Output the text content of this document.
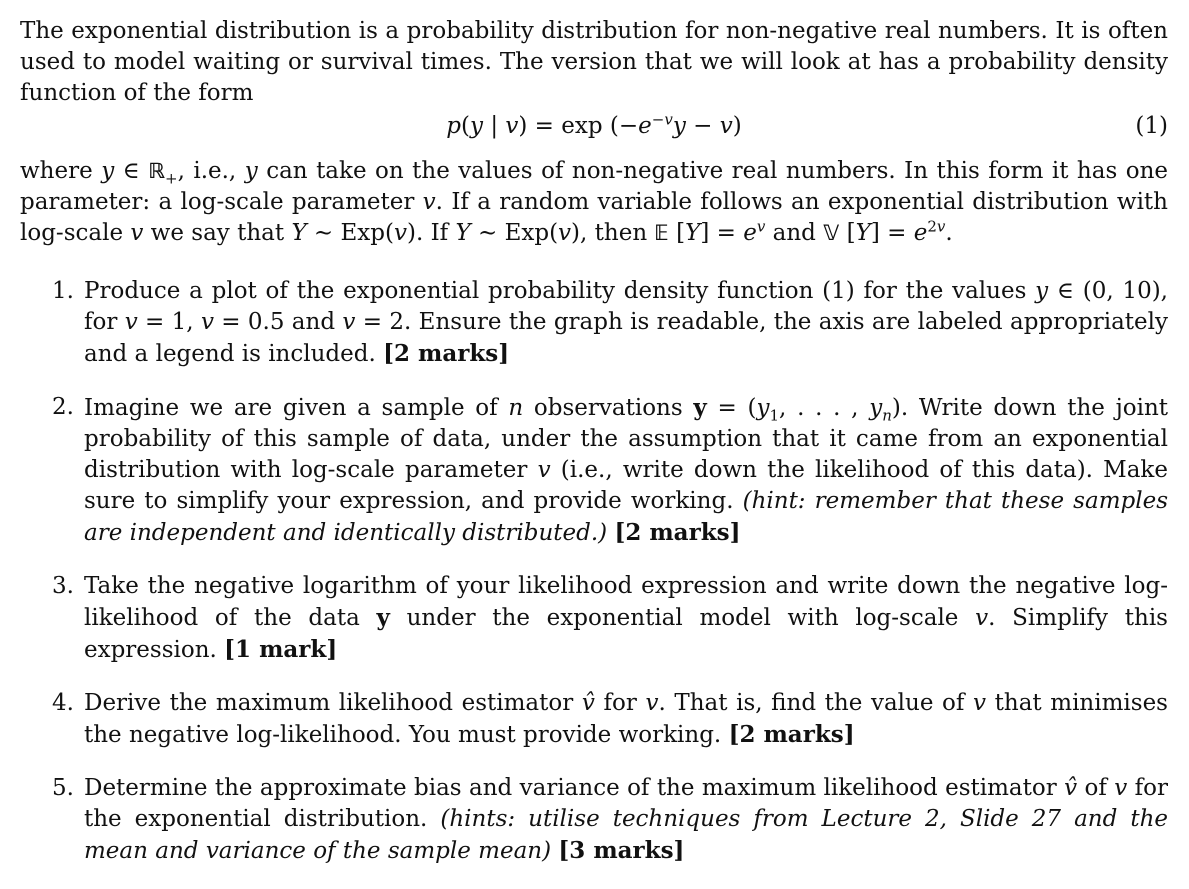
The exponential distribution is a probability distribution for non-negative real numbers. It is often used to model waiting or survival times. The version that we will look at has a probability density function of the form

p(y | $v) = \exp (-e^{-v}y - v)$	(1)

where y ∈ ℝ$_+$, i.e., y can take on the values of non-negative real numbers. In this form it has one parameter: a log-scale parameter v. If a random variable follows an exponential distribution with log-scale v we say that Y ∼ Exp(v). If Y ∼ Exp(v), then 𝔼 $[Y] = e^v$ and 𝕍 $[Y] = e^{2v}$.

1. Produce a plot of the exponential probability density function (1) for the values y ∈ (0, 10), for v = 1, v = 0.5 and v = 2. Ensure the graph is readable, the axis are labeled appropriately and a legend is included. [2 marks]
2. Imagine we are given a sample of n observations $y = (y_1$, . . . , $y_n$). Write down the joint probability of this sample of data, under the assumption that it came from an exponential distribution with log-scale parameter v (i.e., write down the likelihood of this data). Make sure to simplify your expression, and provide working. (hint: remember that these samples are independent and identically distributed.) [2 marks]
3. Take the negative logarithm of your likelihood expression and write down the negative log-likelihood of the data y under the exponential model with log-scale v. Simplify this expression. [1 mark]
4. Derive the maximum likelihood estimator v̂ for v. That is, find the value of v that minimises the negative log-likelihood. You must provide working. [2 marks]
5. Determine the approximate bias and variance of the maximum likelihood estimator v̂ of v for the exponential distribution. (hints: utilise techniques from Lecture 2, Slide 27 and the mean and variance of the sample mean) [3 marks]
